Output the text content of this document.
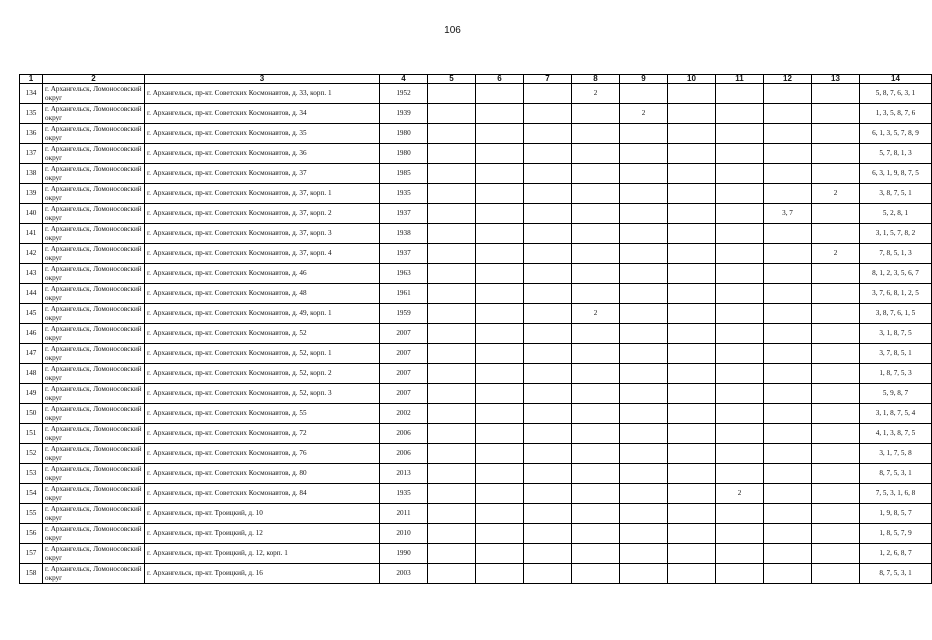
106
1	2	3	4	5	6	7	8	9	10	11	12	13	14
134	г. Архангельск, Ломоносовский округ	г. Архангельск, пр-кт. Советских Космонавтов, д. 33, корп. 1	1952				2						5, 8, 7, 6, 3, 1
135	г. Архангельск, Ломоносовский округ	г. Архангельск, пр-кт. Советских Космонавтов, д. 34	1939					2					1, 3, 5, 8, 7, 6
136	г. Архангельск, Ломоносовский округ	г. Архангельск, пр-кт. Советских Космонавтов, д. 35	1980										6, 1, 3, 5, 7, 8, 9
137	г. Архангельск, Ломоносовский округ	г. Архангельск, пр-кт. Советских Космонавтов, д. 36	1980										5, 7, 8, 1, 3
138	г. Архангельск, Ломоносовский округ	г. Архангельск, пр-кт. Советских Космонавтов, д. 37	1985										6, 3, 1, 9, 8, 7, 5
139	г. Архангельск, Ломоносовский округ	г. Архангельск, пр-кт. Советских Космонавтов, д. 37, корп. 1	1935									2	3, 8, 7, 5, 1
140	г. Архангельск, Ломоносовский округ	г. Архангельск, пр-кт. Советских Космонавтов, д. 37, корп. 2	1937								3, 7		5, 2, 8, 1
141	г. Архангельск, Ломоносовский округ	г. Архангельск, пр-кт. Советских Космонавтов, д. 37, корп. 3	1938										3, 1, 5, 7, 8, 2
142	г. Архангельск, Ломоносовский округ	г. Архангельск, пр-кт. Советских Космонавтов, д. 37, корп. 4	1937									2	7, 8, 5, 1, 3
143	г. Архангельск, Ломоносовский округ	г. Архангельск, пр-кт. Советских Космонавтов, д. 46	1963										8, 1, 2, 3, 5, 6, 7
144	г. Архангельск, Ломоносовский округ	г. Архангельск, пр-кт. Советских Космонавтов, д. 48	1961										3, 7, 6, 8, 1, 2, 5
145	г. Архангельск, Ломоносовский округ	г. Архангельск, пр-кт. Советских Космонавтов, д. 49, корп. 1	1959				2						3, 8, 7, 6, 1, 5
146	г. Архангельск, Ломоносовский округ	г. Архангельск, пр-кт. Советских Космонавтов, д. 52	2007										3, 1, 8, 7, 5
147	г. Архангельск, Ломоносовский округ	г. Архангельск, пр-кт. Советских Космонавтов, д. 52, корп. 1	2007										3, 7, 8, 5, 1
148	г. Архангельск, Ломоносовский округ	г. Архангельск, пр-кт. Советских Космонавтов, д. 52, корп. 2	2007										1, 8, 7, 5, 3
149	г. Архангельск, Ломоносовский округ	г. Архангельск, пр-кт. Советских Космонавтов, д. 52, корп. 3	2007										5, 9, 8, 7
150	г. Архангельск, Ломоносовский округ	г. Архангельск, пр-кт. Советских Космонавтов, д. 55	2002										3, 1, 8, 7, 5, 4
151	г. Архангельск, Ломоносовский округ	г. Архангельск, пр-кт. Советских Космонавтов, д. 72	2006										4, 1, 3, 8, 7, 5
152	г. Архангельск, Ломоносовский округ	г. Архангельск, пр-кт. Советских Космонавтов, д. 76	2006										3, 1, 7, 5, 8
153	г. Архангельск, Ломоносовский округ	г. Архангельск, пр-кт. Советских Космонавтов, д. 80	2013										8, 7, 5, 3, 1
154	г. Архангельск, Ломоносовский округ	г. Архангельск, пр-кт. Советских Космонавтов, д. 84	1935							2			7, 5, 3, 1, 6, 8
155	г. Архангельск, Ломоносовский округ	г. Архангельск, пр-кт. Троицкий, д. 10	2011										1, 9, 8, 5, 7
156	г. Архангельск, Ломоносовский округ	г. Архангельск, пр-кт. Троицкий, д. 12	2010										1, 8, 5, 7, 9
157	г. Архангельск, Ломоносовский округ	г. Архангельск, пр-кт. Троицкий, д. 12, корп. 1	1990										1, 2, 6, 8, 7
158	г. Архангельск, Ломоносовский округ	г. Архангельск, пр-кт. Троицкий, д. 16	2003										8, 7, 5, 3, 1
